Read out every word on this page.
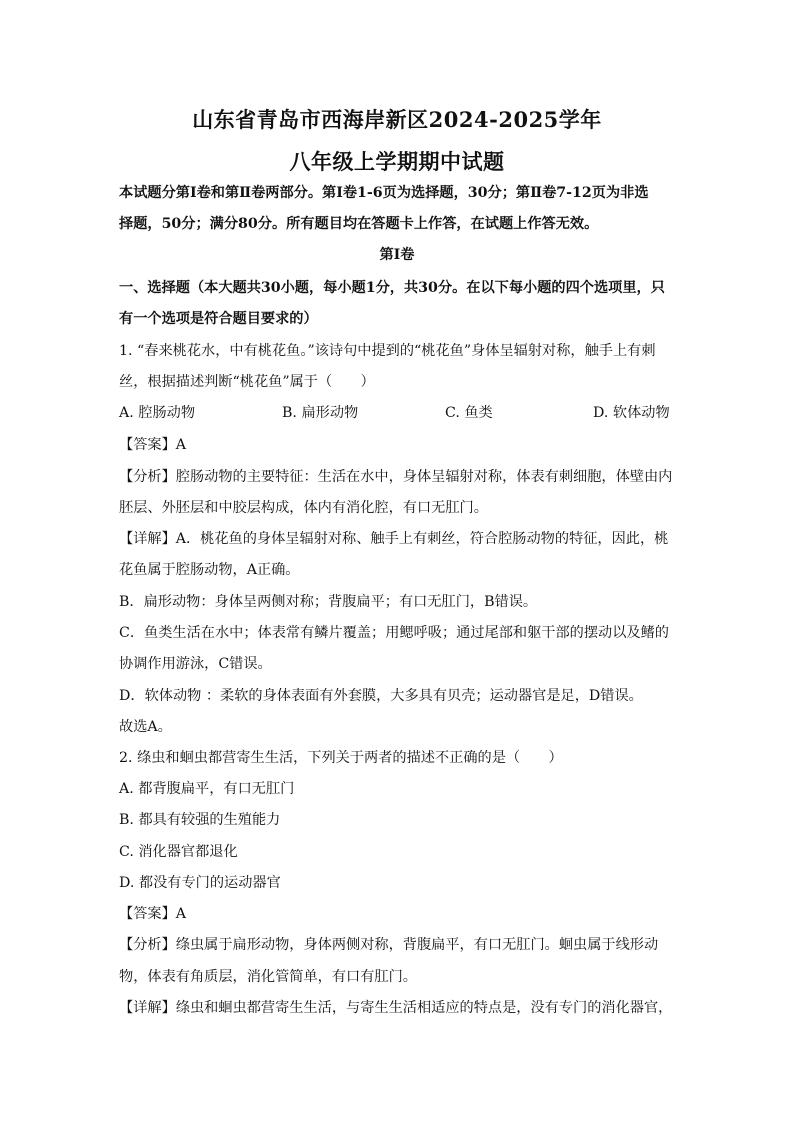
山东省青岛市西海岸新区2024-2025学年
八年级上学期期中试题
本试题分第Ⅰ卷和第Ⅱ卷两部分。第Ⅰ卷1-6页为选择题，30分；第Ⅱ卷7-12页为非选
择题，50分；满分80分。所有题目均在答题卡上作答，在试题上作答无效。
第Ⅰ卷
一、选择题（本大题共30小题，每小题1分，共30分。在以下每小题的四个选项里，只
有一个选项是符合题目要求的）
1. “春来桃花水，中有桃花鱼。”该诗句中提到的“桃花鱼”身体呈辐射对称，触手上有刺
丝，根据描述判断“桃花鱼”属于（　　）
A. 腔肠动物	B. 扁形动物	C. 鱼类	D. 软体动物
【答案】A
【分析】腔肠动物的主要特征：生活在水中，身体呈辐射对称，体表有刺细胞，体壁由内
胚层、外胚层和中胶层构成，体内有消化腔，有口无肛门。
【详解】A．桃花鱼的身体呈辐射对称、触手上有刺丝，符合腔肠动物的特征，因此，桃
花鱼属于腔肠动物，A正确。
B．扁形动物：身体呈两侧对称；背腹扁平；有口无肛门，B错误。
C．鱼类生活在水中；体表常有鳞片覆盖；用鳃呼吸；通过尾部和躯干部的摆动以及鳍的
协调作用游泳，C错误。
D．软体动物 ：柔软的身体表面有外套膜，大多具有贝壳；运动器官是足，D错误。
故选A。
2. 绦虫和蛔虫都营寄生生活，下列关于两者的描述不正确的是（　　）
A. 都背腹扁平，有口无肛门
B. 都具有较强的生殖能力
C. 消化器官都退化
D. 都没有专门的运动器官
【答案】A
【分析】绦虫属于扁形动物，身体两侧对称，背腹扁平，有口无肛门。蛔虫属于线形动
物，体表有角质层，消化管简单，有口有肛门。
【详解】绦虫和蛔虫都营寄生生活，与寄生生活相适应的特点是，没有专门的消化器官，
